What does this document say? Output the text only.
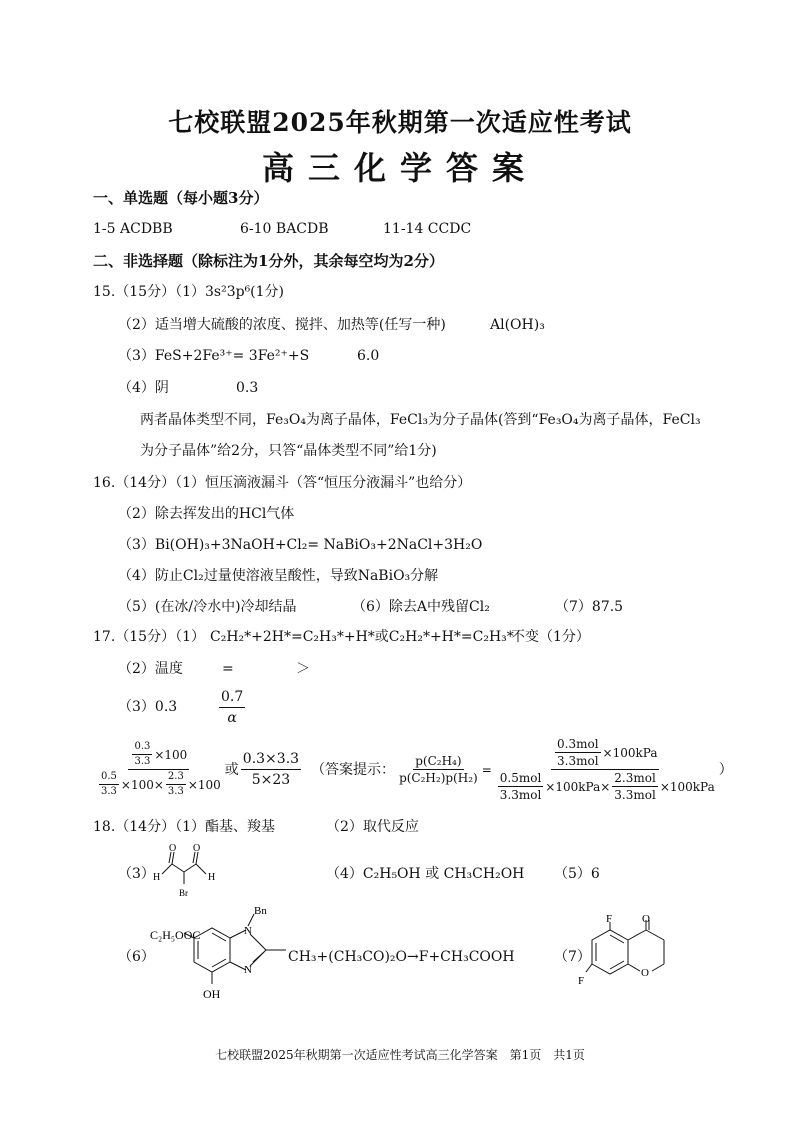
七校联盟2025年秋期第一次适应性考试
高三化学答案
一、单选题（每小题3分）
1-5 ACDBB	6-10 BACDB	11-14 CCDC
二、非选择题（除标注为1分外，其余每空均为2分）
15.（15分）（1）3s²3p⁶(1分)
（2）适当增大硫酸的浓度、搅拌、加热等(任写一种)	Al(OH)₃
（3）FeS+2Fe³⁺= 3Fe²⁺+S	6.0
（4）阴	0.3
两者晶体类型不同，Fe₃O₄为离子晶体，FeCl₃为分子晶体(答到“Fe₃O₄为离子晶体，FeCl₃
为分子晶体”给2分，只答“晶体类型不同”给1分)
16.（14分）（1）恒压滴液漏斗（答“恒压分液漏斗”也给分）
（2）除去挥发出的HCl气体
（3）Bi(OH)₃+3NaOH+Cl₂= NaBiO₃+2NaCl+3H₂O
（4）防止Cl₂过量使溶液呈酸性，导致NaBiO₃分解
（5）(在冰/冷水中)冷却结晶	（6）除去A中残留Cl₂	（7）87.5
17.（15分）（1） C₂H₂*+2H*=C₂H₃*+H*或C₂H₂*+H*=C₂H₃*
不变（1分）
（2）温度	=	＞
（3）0.3	$\frac{0.7}{\alpha}$
$\frac{\frac{0.3}{3.3} \times 100}{\frac{0.5}{3.3} \times 100\times \frac{2.3}{3.3} \times 100}$ 或 $\frac{0.3\times 3.3}{5\times 23}$ （答案提示： $\frac{\text{p(C₂H₄)}}{\text{p(C₂H₂)p(H₂)}} = \frac{\frac{\text{0.3mol}}{\text{3.3mol}} \times 100kPa}{\frac{\text{0.5mol}}{\text{3.3mol}} \times 100kPa\times \frac{\text{2.3mol}}{\text{3.3mol}} \times 100kPa}$ ）
18.（14分）（1）酯基、羧基	（2）取代反应
（3）
H
O O
H
Br
（4）C₂H₅OH 或 CH₃CH₂OH （5）6
（6）
C₂H₅OOC
Bn
N
N
OH
CH₃+(CH₃CO)₂O→F+CH₃COOH	（7）
F	O
O
F
七校联盟2025年秋期第一次适应性考试高三化学答案　第1页　共1页
